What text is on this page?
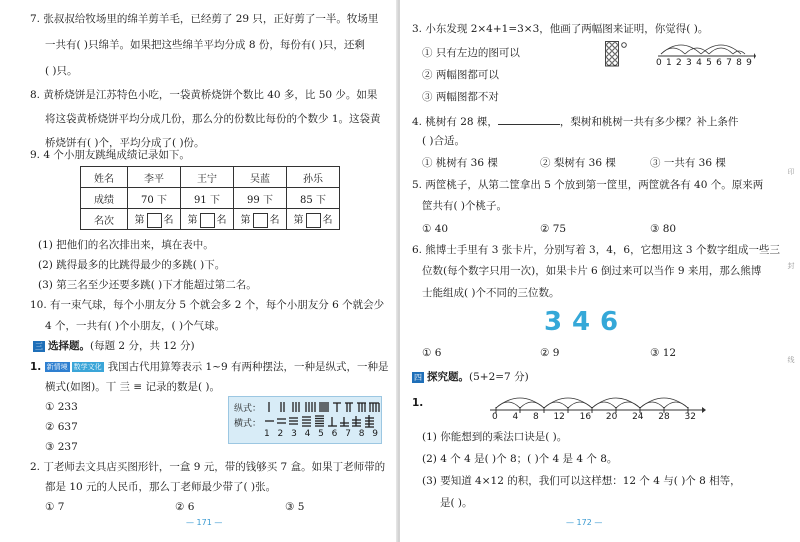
7. 张叔叔给牧场里的绵羊剪羊毛，已经剪了 29 只，正好剪了一半。牧场里
一共有( )只绵羊。如果把这些绵羊平均分成 8 份，每份有( )只，还剩
( )只。
8. 黄桥烧饼是江苏特色小吃，一袋黄桥烧饼个数比 40 多，比 50 少。如果
将这袋黄桥烧饼平均分成几份，那么分的份数比每份的个数少 1。这袋黄
桥烧饼有( )个，平均分成了( )份。
9. 4 个小朋友跳绳成绩记录如下。
姓名	李平	王宁	吴蓝	孙乐
成绩	70 下	91 下	99 下	85 下
名次	第 名	第 名	第 名	第 名
(1) 把他们的名次排出来，填在表中。
(2) 跳得最多的比跳得最少的多跳( )下。
(3) 第三名至少还要多跳( )下才能超过第二名。
10. 有一束气球，每个小朋友分 5 个就会多 2 个，每个小朋友分 6 个就会少
4 个，一共有( )个小朋友，( )个气球。
三 选择题。(每题 2 分，共 12 分)
1. 新情境 数学文化 我国古代用算筹表示 1~9 有两种摆法，一种是纵式，一种是
横式(如图)。丅 亖 ≡ 记录的数是( )。
① 233
② 637
③ 237
纵式：
横式：
1 2 3 4 5 6 7 8 9
2. 丁老师去文具店买图形针，一盒 9 元，带的钱够买 7 盒。如果丁老师带的
都是 10 元的人民币，那么丁老师最少带了( )张。
① 7	② 6	③ 5
— 171 —
3. 小东发现 2×4+1=3×3，他画了两幅图来证明，你觉得( )。
0 1 2 3 4 5 6 7 8 9
① 只有左边的图可以
② 两幅图都可以
③ 两幅图都不对
4. 桃树有 28 棵，	，梨树和桃树一共有多少棵？补上条件
( )合适。
① 桃树有 36 棵	② 梨树有 36 棵	③ 一共有 36 棵
5. 两筐桃子，从第二筐拿出 5 个放到第一筐里，两筐就各有 40 个。原来两
筐共有( )个桃子。
① 40	② 75	③ 80
6. 熊博士手里有 3 张卡片，分别写着 3，4，6，它想用这 3 个数字组成一些三
位数(每个数字只用一次)，如果卡片 6 倒过来可以当作 9 来用，那么熊博
士能组成( )个不同的三位数。
3 4 6
① 6	② 9	③ 12
四 探究题。(5+2=7 分)
1.
0 4 8 12 16 20 24 28 32
(1) 你能想到的乘法口诀是( )。
(2) 4 个 4 是( )个 8；( )个 4 是 4 个 8。
(3) 要知道 4×12 的积，我们可以这样想：12 个 4 与( )个 8 相等，
是( )。
— 172 —
印
封
线
